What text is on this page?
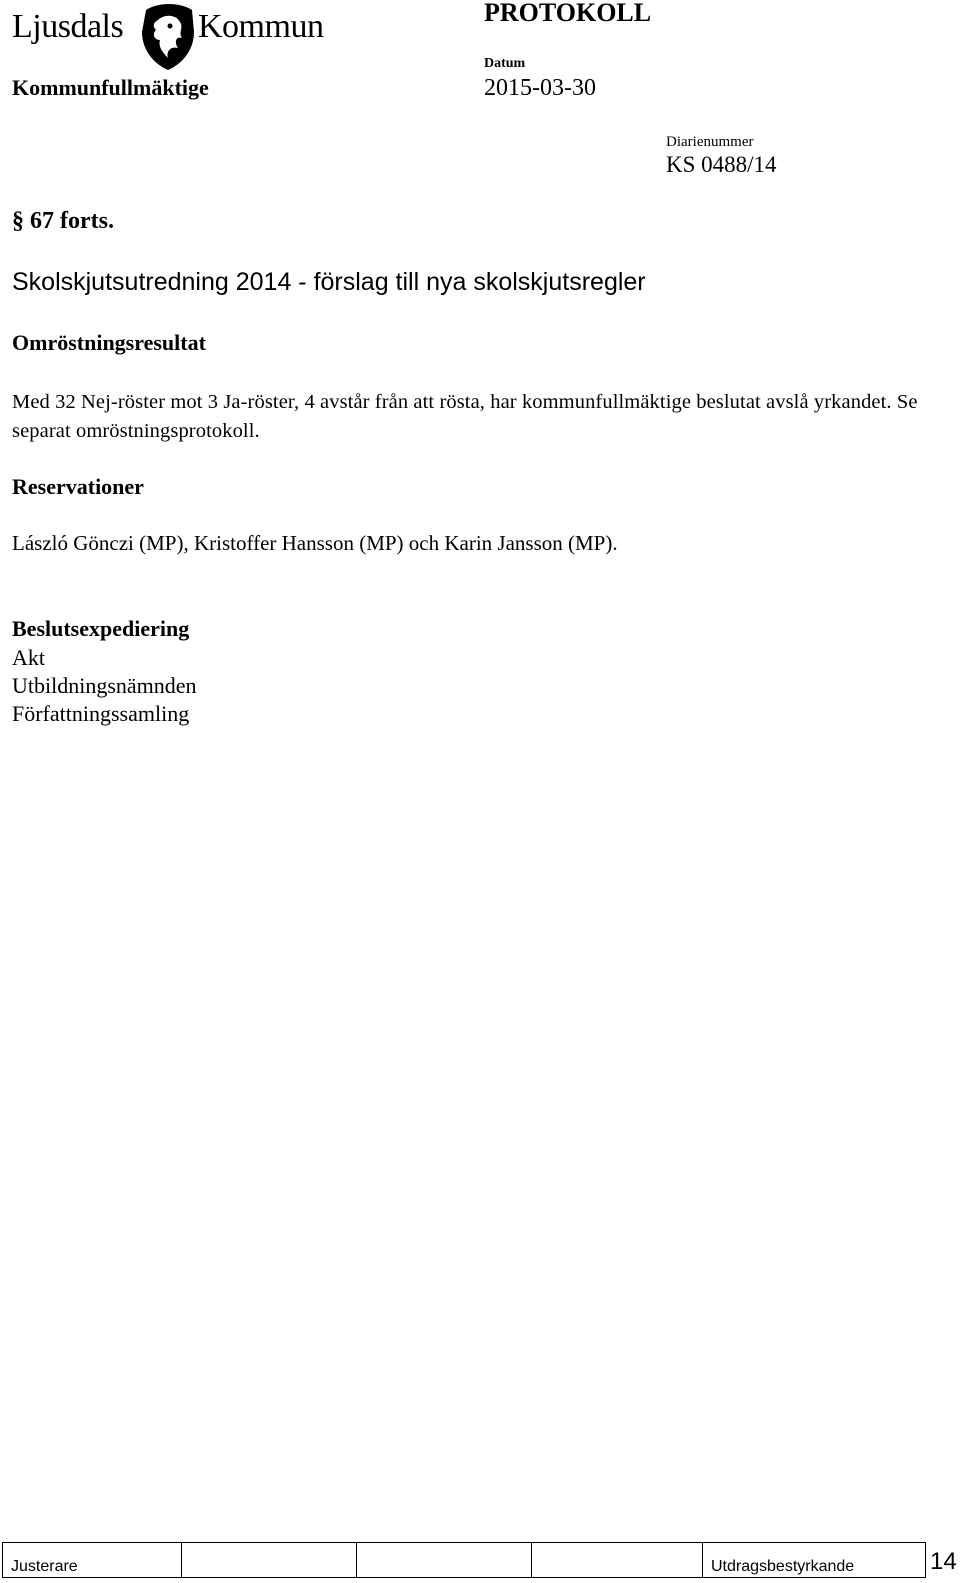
Ljusdals Kommun	PROTOKOLL
Kommunfullmäktige
Datum
2015-03-30
Diarienummer
KS 0488/14
§ 67 forts.
Skolskjutsutredning 2014 - förslag till nya skolskjutsregler
Omröstningsresultat
Med 32 Nej-röster mot 3 Ja-röster, 4 avstår från att rösta, har kommunfullmäktige beslutat avslå yrkandet. Se separat omröstningsprotokoll.
Reservationer
László Gönczi (MP), Kristoffer Hansson (MP) och Karin Jansson (MP).
Beslutsexpediering
Akt
Utbildningsnämnden
Författningssamling
Justerare				Utdragsbestyrkande	14
